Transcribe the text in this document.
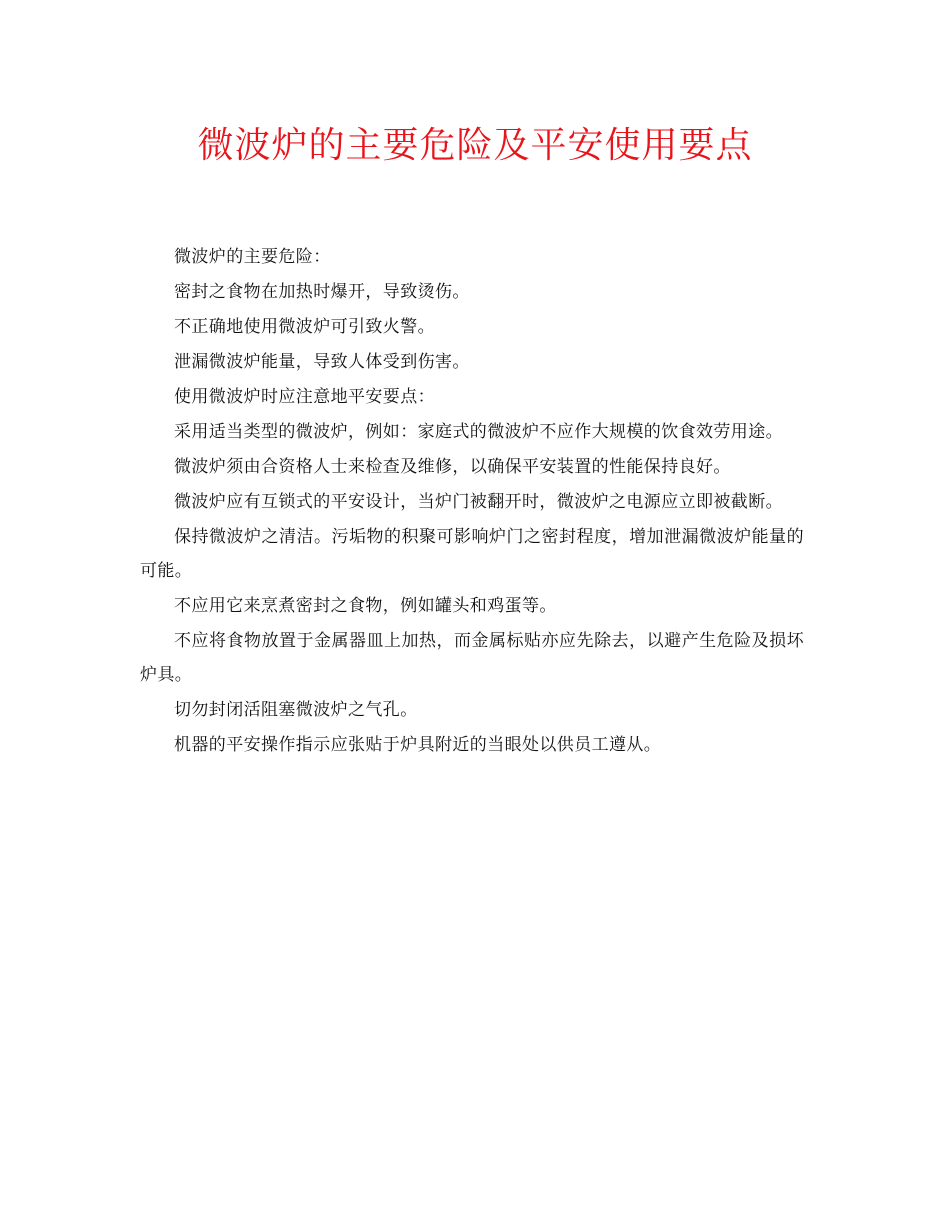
微波炉的主要危险及平安使用要点

微波炉的主要危险：

密封之食物在加热时爆开，导致烫伤。

不正确地使用微波炉可引致火警。

泄漏微波炉能量，导致人体受到伤害。

使用微波炉时应注意地平安要点：

采用适当类型的微波炉，例如：家庭式的微波炉不应作大规模的饮食效劳用途。

微波炉须由合资格人士来检查及维修，以确保平安装置的性能保持良好。

微波炉应有互锁式的平安设计，当炉门被翻开时，微波炉之电源应立即被截断。

保持微波炉之清洁。污垢物的积聚可影响炉门之密封程度，增加泄漏微波炉能量的可能。

不应用它来烹煮密封之食物，例如罐头和鸡蛋等。

不应将食物放置于金属器皿上加热，而金属标贴亦应先除去，以避产生危险及损坏炉具。

切勿封闭活阻塞微波炉之气孔。

机器的平安操作指示应张贴于炉具附近的当眼处以供员工遵从。
